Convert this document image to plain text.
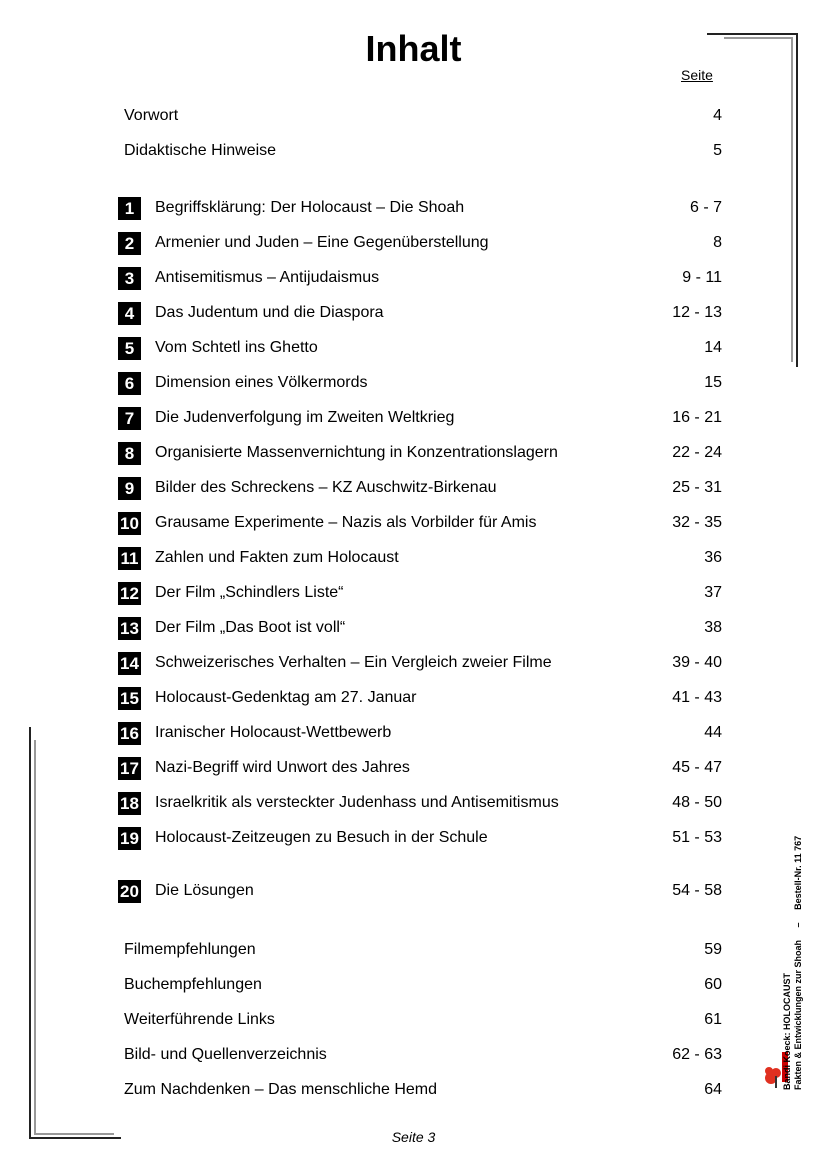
Inhalt
Seite
Vorwort	4
Didaktische Hinweise	5
1	Begriffsklärung: Der Holocaust – Die Shoah	6 - 7
2	Armenier und Juden – Eine Gegenüberstellung	8
3	Antisemitismus – Antijudaismus	9 - 11
4	Das Judentum und die Diaspora	12 - 13
5	Vom Schtetl ins Ghetto	14
6	Dimension eines Völkermords	15
7	Die Judenverfolgung im Zweiten Weltkrieg	16 - 21
8	Organisierte Massenvernichtung in Konzentrationslagern	22 - 24
9	Bilder des Schreckens – KZ Auschwitz-Birkenau	25 - 31
10 Grausame Experimente – Nazis als Vorbilder für Amis	32 - 35
11 Zahlen und Fakten zum Holocaust	36
12 Der Film „Schindlers Liste“	37
13 Der Film „Das Boot ist voll“	38
14 Schweizerisches Verhalten – Ein Vergleich zweier Filme	39 - 40
15 Holocaust-Gedenktag am 27. Januar	41 - 43
16 Iranischer Holocaust-Wettbewerb	44
17 Nazi-Begriff wird Unwort des Jahres	45 - 47
18 Israelkritik als versteckter Judenhass und Antisemitismus	48 - 50
19 Holocaust-Zeitzeugen zu Besuch in der Schule	51 - 53
20 Die Lösungen	54 - 58
Filmempfehlungen	59
Buchempfehlungen	60
Weiterführende Links	61
Bild- und Quellenverzeichnis	62 - 63
Zum Nachdenken – Das menschliche Hemd	64
Seite 3
Bandi Koeck: HOLOCAUST Fakten & Entwicklungen zur Shoah – Bestell-Nr. 11 767
